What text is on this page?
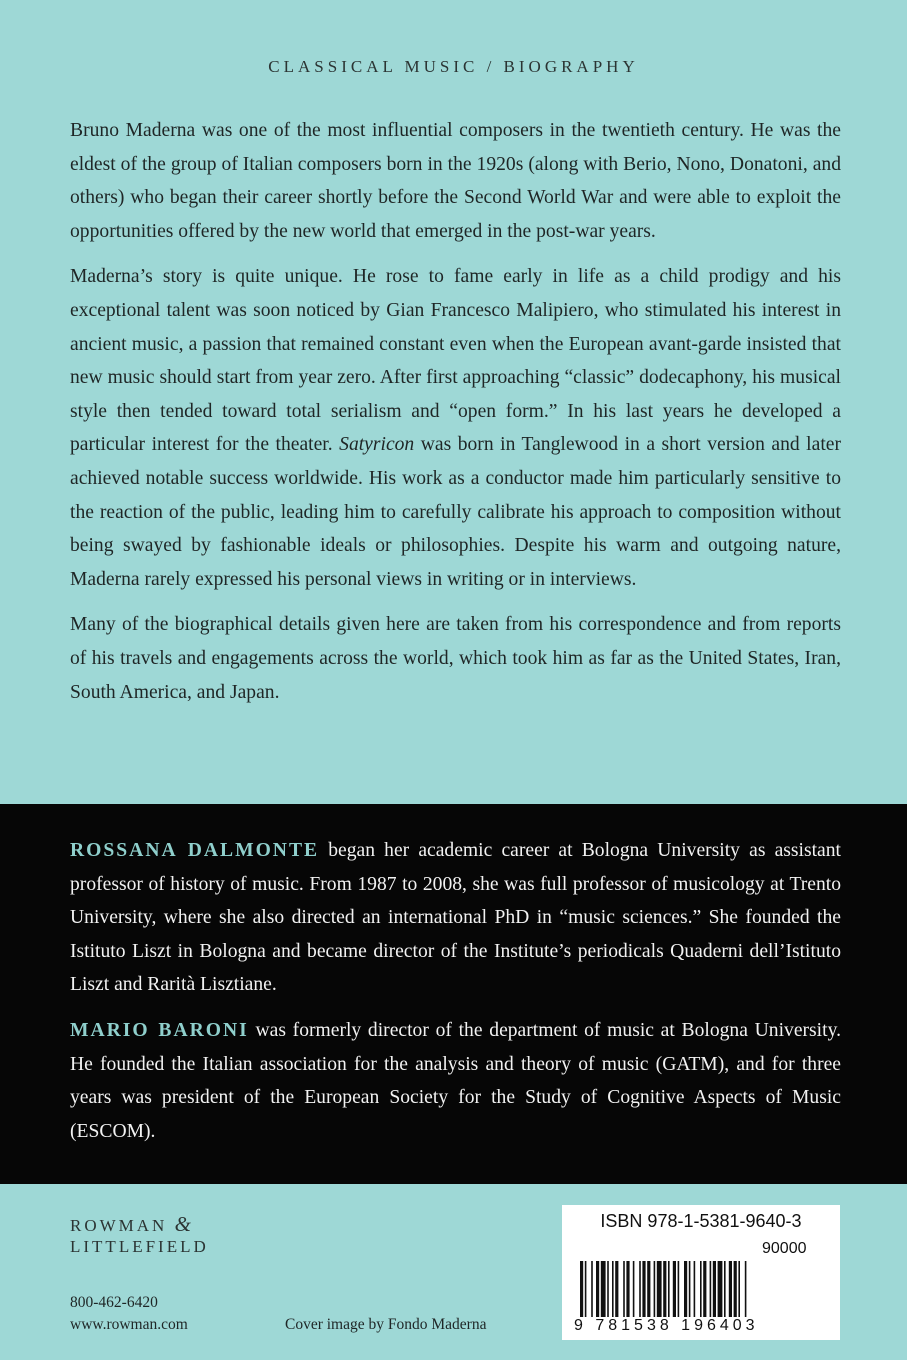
CLASSICAL MUSIC / BIOGRAPHY

Bruno Maderna was one of the most influential composers in the twentieth century. He was the eldest of the group of Italian composers born in the 1920s (along with Berio, Nono, Donatoni, and others) who began their career shortly before the Second World War and were able to exploit the opportunities offered by the new world that emerged in the post-war years.

Maderna’s story is quite unique. He rose to fame early in life as a child prodigy and his exceptional talent was soon noticed by Gian Francesco Malipiero, who stimulated his interest in ancient music, a passion that remained constant even when the European avant-garde insisted that new music should start from year zero. After first approaching “classic” dodecaphony, his musical style then tended toward total serialism and “open form.” In his last years he developed a particular interest for the theater. Satyricon was born in Tanglewood in a short version and later achieved notable success worldwide. His work as a conductor made him particularly sensitive to the reaction of the public, leading him to carefully calibrate his approach to composition without being swayed by fashionable ideals or philosophies. Despite his warm and outgoing nature, Maderna rarely expressed his personal views in writing or in interviews.

Many of the biographical details given here are taken from his correspondence and from reports of his travels and engagements across the world, which took him as far as the United States, Iran, South America, and Japan.

ROSSANA DALMONTE began her academic career at Bologna University as assistant professor of history of music. From 1987 to 2008, she was full professor of musicology at Trento University, where she also directed an international PhD in “music sciences.” She founded the Istituto Liszt in Bologna and became director of the Institute’s periodicals Quaderni dell’Istituto Liszt and Rarità Lisztiane.

MARIO BARONI was formerly director of the department of music at Bologna University. He founded the Italian association for the analysis and theory of music (GATM), and for three years was president of the European Society for the Study of Cognitive Aspects of Music (ESCOM).

ROWMAN &
LITTLEFIELD
800-462-6420
www.rowman.com	Cover image by Fondo Maderna
ISBN 978-1-5381-9640-3
90000
9 781538 196403
